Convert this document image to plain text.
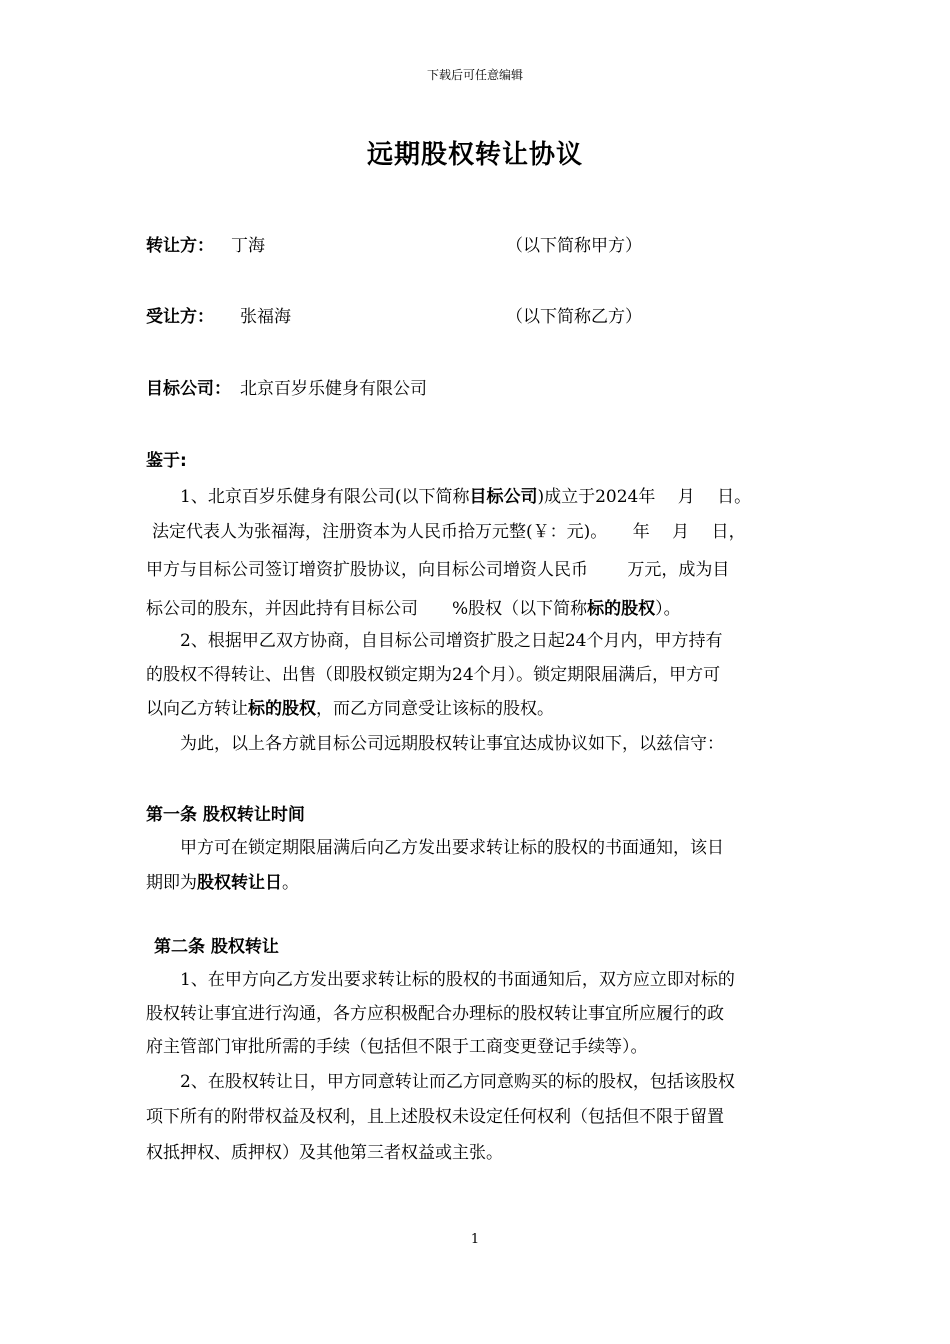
下载后可任意编辑
远期股权转让协议
转让方： 丁海	（以下简称甲方）
受让方： 张福海	（以下简称乙方）
目标公司： 北京百岁乐健身有限公司
鉴于:
1、北京百岁乐健身有限公司(以下简称目标公司)成立于2024年　 月　 日。
法定代表人为张福海，注册资本为人民币拾万元整(￥：元)。　　年　 月　 日，
甲方与目标公司签订增资扩股协议，向目标公司增资人民币　　 万元，成为目
标公司的股东，并因此持有目标公司　　%股权（以下简称标的股权）。
2、根据甲乙双方协商，自目标公司增资扩股之日起24个月内，甲方持有
的股权不得转让、出售（即股权锁定期为24个月）。锁定期限届满后，甲方可
以向乙方转让标的股权，而乙方同意受让该标的股权。
为此，以上各方就目标公司远期股权转让事宜达成协议如下，以兹信守：
第一条 股权转让时间
甲方可在锁定期限届满后向乙方发出要求转让标的股权的书面通知，该日
期即为股权转让日。
第二条 股权转让
1、在甲方向乙方发出要求转让标的股权的书面通知后，双方应立即对标的
股权转让事宜进行沟通，各方应积极配合办理标的股权转让事宜所应履行的政
府主管部门审批所需的手续（包括但不限于工商变更登记手续等）。
2、在股权转让日，甲方同意转让而乙方同意购买的标的股权，包括该股权
项下所有的附带权益及权利，且上述股权未设定任何权利（包括但不限于留置
权抵押权、质押权）及其他第三者权益或主张。
1
